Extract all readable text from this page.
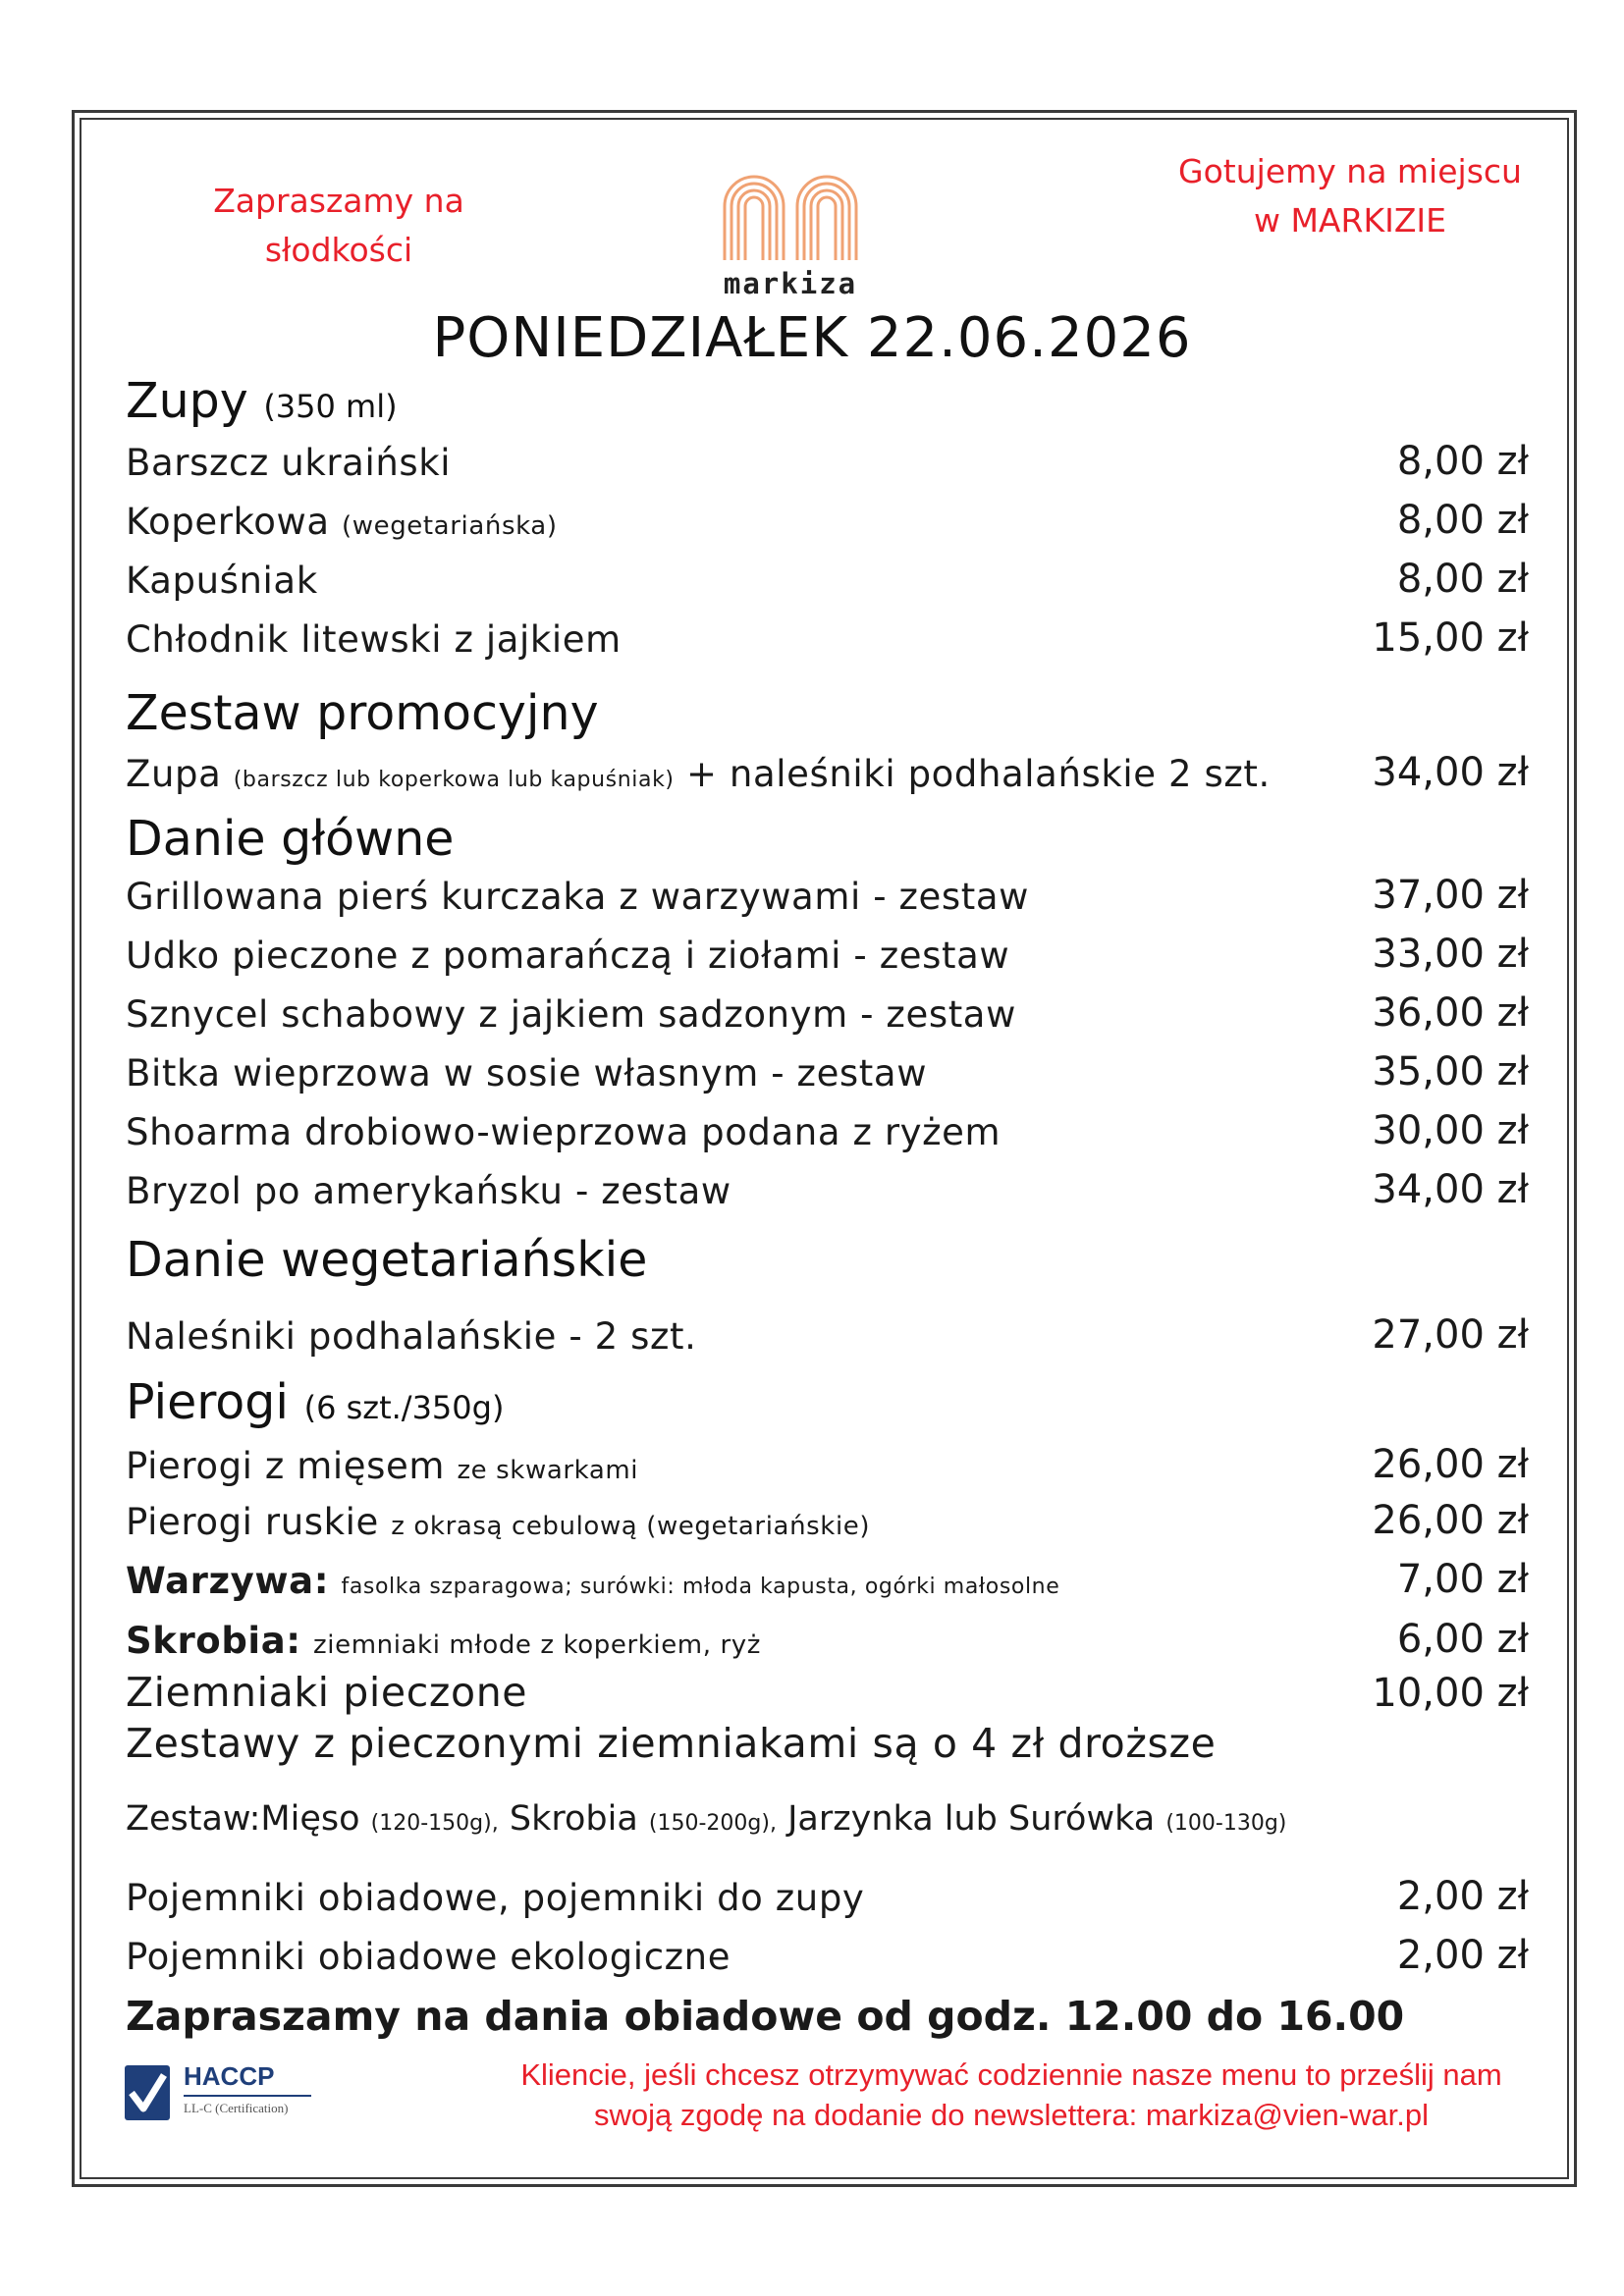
Zapraszamy na
słodkości
markiza
Gotujemy na miejscu
w MARKIZIE
PONIEDZIAŁEK 22.06.2026
Zupy (350 ml)
Barszcz ukraiński	8,00 zł
Koperkowa (wegetariańska)	8,00 zł
Kapuśniak	8,00 zł
Chłodnik litewski z jajkiem	15,00 zł
Zestaw promocyjny
Zupa (barszcz lub koperkowa lub kapuśniak) + naleśniki podhalańskie 2 szt.	34,00 zł
Danie główne
Grillowana pierś kurczaka z warzywami - zestaw	37,00 zł
Udko pieczone z pomarańczą i ziołami - zestaw	33,00 zł
Sznycel schabowy z jajkiem sadzonym - zestaw	36,00 zł
Bitka wieprzowa w sosie własnym - zestaw	35,00 zł
Shoarma drobiowo-wieprzowa podana z ryżem	30,00 zł
Bryzol po amerykańsku - zestaw	34,00 zł
Danie wegetariańskie
Naleśniki podhalańskie - 2 szt.	27,00 zł
Pierogi (6 szt./350g)
Pierogi z mięsem ze skwarkami	26,00 zł
Pierogi ruskie z okrasą cebulową (wegetariańskie)	26,00 zł
Warzywa: fasolka szparagowa; surówki: młoda kapusta, ogórki małosolne	7,00 zł
Skrobia: ziemniaki młode z koperkiem, ryż	6,00 zł
Ziemniaki pieczone	10,00 zł
Zestawy z pieczonymi ziemniakami są o 4 zł droższe
Zestaw:Mięso (120-150g), Skrobia (150-200g), Jarzynka lub Surówka (100-130g)
Pojemniki obiadowe, pojemniki do zupy	2,00 zł
Pojemniki obiadowe ekologiczne	2,00 zł
Zapraszamy na dania obiadowe od godz. 12.00 do 16.00
HACCP
LL-C (Certification)
Kliencie, jeśli chcesz otrzymywać codziennie nasze menu to prześlij nam
swoją zgodę na dodanie do newslettera: markiza@vien-war.pl
